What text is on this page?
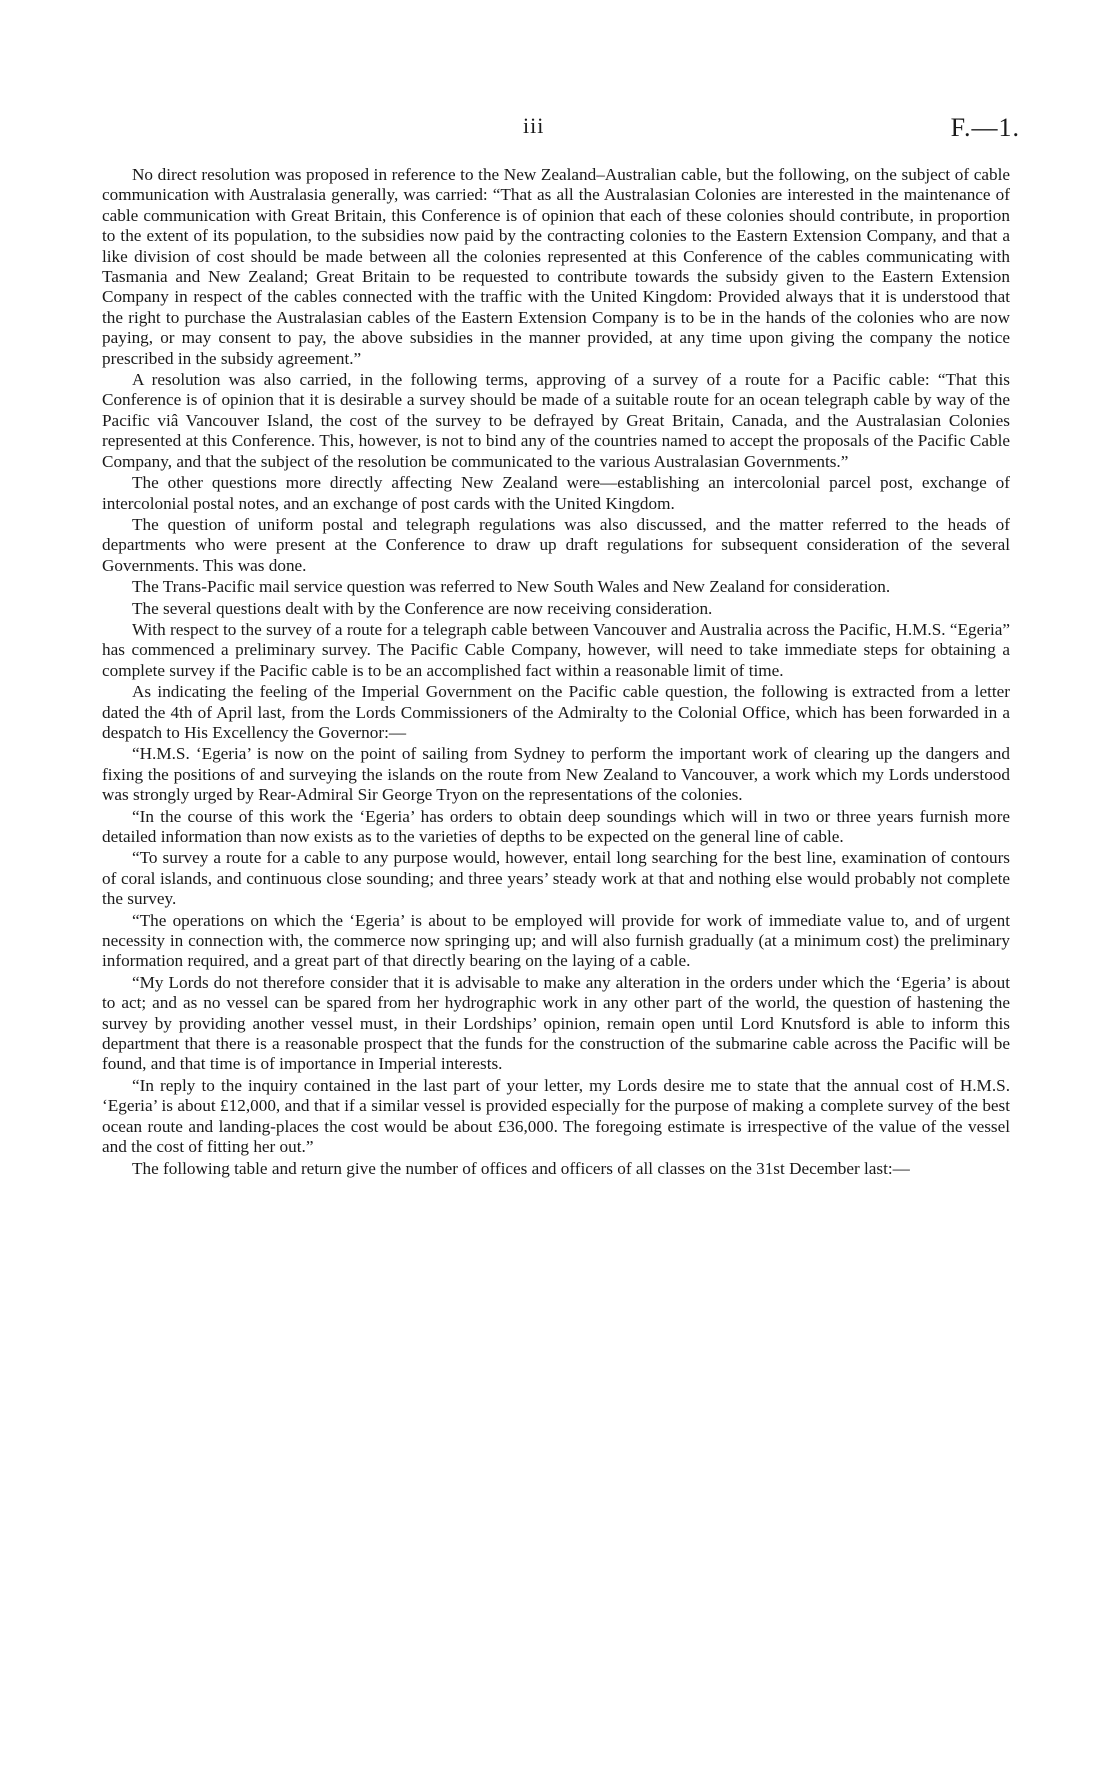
iii	F.—1.

No direct resolution was proposed in reference to the New Zealand–Australian cable, but the following, on the subject of cable communication with Australasia generally, was carried: “That as all the Australasian Colonies are interested in the maintenance of cable communication with Great Britain, this Conference is of opinion that each of these colonies should contribute, in proportion to the extent of its population, to the subsidies now paid by the contracting colonies to the Eastern Extension Company, and that a like division of cost should be made between all the colonies represented at this Conference of the cables communicating with Tasmania and New Zealand; Great Britain to be requested to contribute towards the subsidy given to the Eastern Extension Company in respect of the cables connected with the traffic with the United Kingdom: Provided always that it is understood that the right to purchase the Australasian cables of the Eastern Extension Company is to be in the hands of the colonies who are now paying, or may consent to pay, the above subsidies in the manner provided, at any time upon giving the company the notice prescribed in the subsidy agreement.”

A resolution was also carried, in the following terms, approving of a survey of a route for a Pacific cable: “That this Conference is of opinion that it is desirable a survey should be made of a suitable route for an ocean telegraph cable by way of the Pacific viâ Vancouver Island, the cost of the survey to be defrayed by Great Britain, Canada, and the Australasian Colonies represented at this Conference. This, however, is not to bind any of the countries named to accept the proposals of the Pacific Cable Company, and that the subject of the resolution be communicated to the various Australasian Governments.”

The other questions more directly affecting New Zealand were—establishing an intercolonial parcel post, exchange of intercolonial postal notes, and an exchange of post cards with the United Kingdom.

The question of uniform postal and telegraph regulations was also discussed, and the matter referred to the heads of departments who were present at the Conference to draw up draft regulations for subsequent consideration of the several Governments. This was done.

The Trans-Pacific mail service question was referred to New South Wales and New Zealand for consideration.

The several questions dealt with by the Conference are now receiving consideration.

With respect to the survey of a route for a telegraph cable between Vancouver and Australia across the Pacific, H.M.S. “Egeria” has commenced a preliminary survey. The Pacific Cable Company, however, will need to take immediate steps for obtaining a complete survey if the Pacific cable is to be an accomplished fact within a reasonable limit of time.

As indicating the feeling of the Imperial Government on the Pacific cable question, the following is extracted from a letter dated the 4th of April last, from the Lords Commissioners of the Admiralty to the Colonial Office, which has been forwarded in a despatch to His Excellency the Governor:—

“H.M.S. ‘Egeria’ is now on the point of sailing from Sydney to perform the important work of clearing up the dangers and fixing the positions of and surveying the islands on the route from New Zealand to Vancouver, a work which my Lords understood was strongly urged by Rear-Admiral Sir George Tryon on the representations of the colonies.

“In the course of this work the ‘Egeria’ has orders to obtain deep soundings which will in two or three years furnish more detailed information than now exists as to the varieties of depths to be expected on the general line of cable.

“To survey a route for a cable to any purpose would, however, entail long searching for the best line, examination of contours of coral islands, and continuous close sounding; and three years’ steady work at that and nothing else would probably not complete the survey.

“The operations on which the ‘Egeria’ is about to be employed will provide for work of immediate value to, and of urgent necessity in connection with, the commerce now springing up; and will also furnish gradually (at a minimum cost) the preliminary information required, and a great part of that directly bearing on the laying of a cable.

“My Lords do not therefore consider that it is advisable to make any alteration in the orders under which the ‘Egeria’ is about to act; and as no vessel can be spared from her hydrographic work in any other part of the world, the question of hastening the survey by providing another vessel must, in their Lordships’ opinion, remain open until Lord Knutsford is able to inform this department that there is a reasonable prospect that the funds for the construction of the submarine cable across the Pacific will be found, and that time is of importance in Imperial interests.

“In reply to the inquiry contained in the last part of your letter, my Lords desire me to state that the annual cost of H.M.S. ‘Egeria’ is about £12,000, and that if a similar vessel is provided especially for the purpose of making a complete survey of the best ocean route and landing-places the cost would be about £36,000. The foregoing estimate is irrespective of the value of the vessel and the cost of fitting her out.”

The following table and return give the number of offices and officers of all classes on the 31st December last:—
